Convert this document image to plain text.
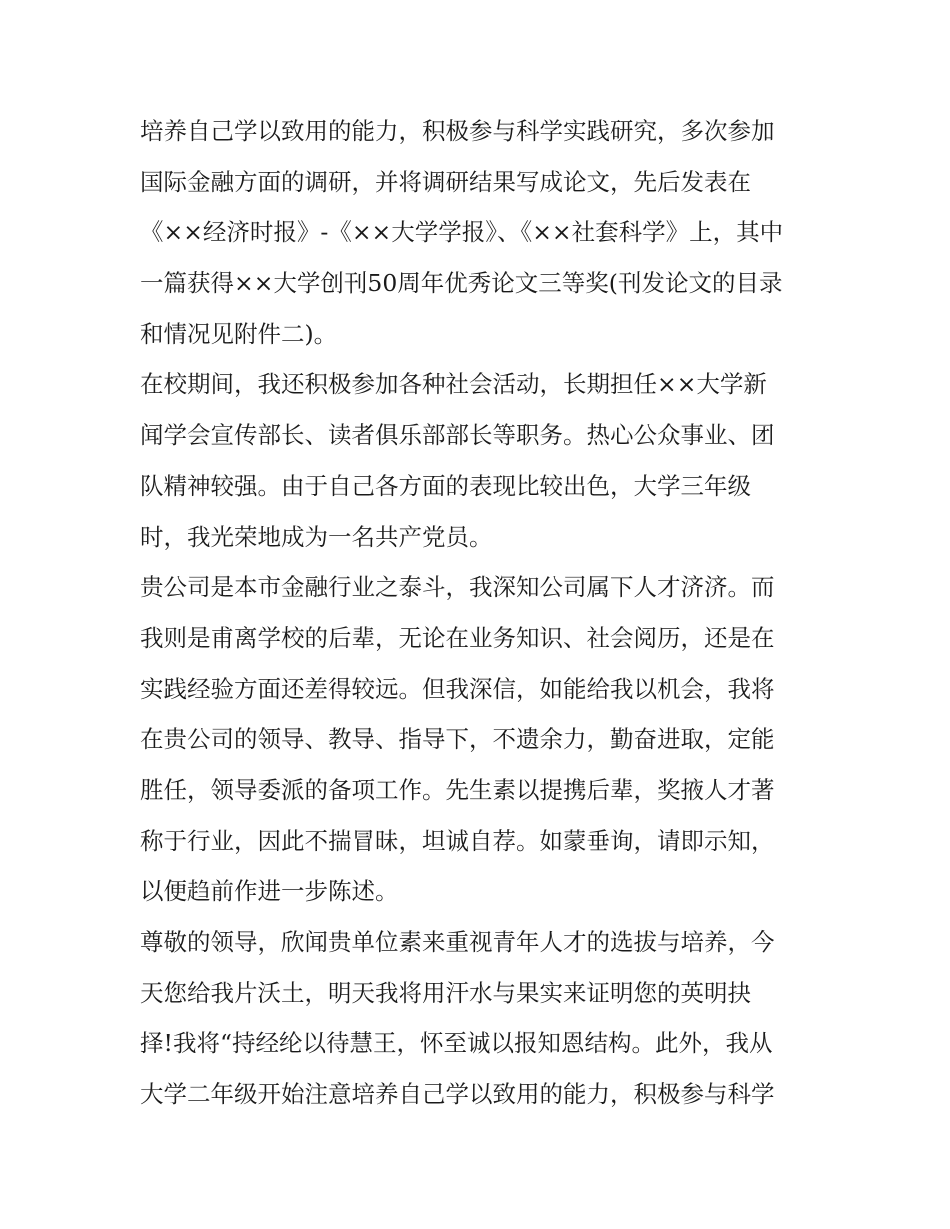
培养自己学以致用的能力，积极参与科学实践研究，多次参加
国际金融方面的调研，并将调研结果写成论文，先后发表在
《××经济时报》-《××大学学报》、《××社套科学》上，其中
一篇获得××大学创刊50周年优秀论文三等奖(刊发论文的目录
和情况见附件二)。
在校期间，我还积极参加各种社会活动，长期担任××大学新
闻学会宣传部长、读者俱乐部部长等职务。热心公众事业、团
队精神较强。由于自己各方面的表现比较出色，大学三年级
时，我光荣地成为一名共产党员。
贵公司是本市金融行业之泰斗，我深知公司属下人才济济。而
我则是甫离学校的后辈，无论在业务知识、社会阅历，还是在
实践经验方面还差得较远。但我深信，如能给我以机会，我将
在贵公司的领导、教导、指导下，不遗余力，勤奋进取，定能
胜任，领导委派的备项工作。先生素以提携后辈，奖掖人才著
称于行业，因此不揣冒昧，坦诚自荐。如蒙垂询，请即示知，
以便趋前作进一步陈述。
尊敬的领导，欣闻贵单位素来重视青年人才的选拔与培养，今
天您给我片沃土，明天我将用汗水与果实来证明您的英明抉
择!我将“持经纶以待慧王，怀至诚以报知恩结构。此外，我从
大学二年级开始注意培养自己学以致用的能力，积极参与科学
